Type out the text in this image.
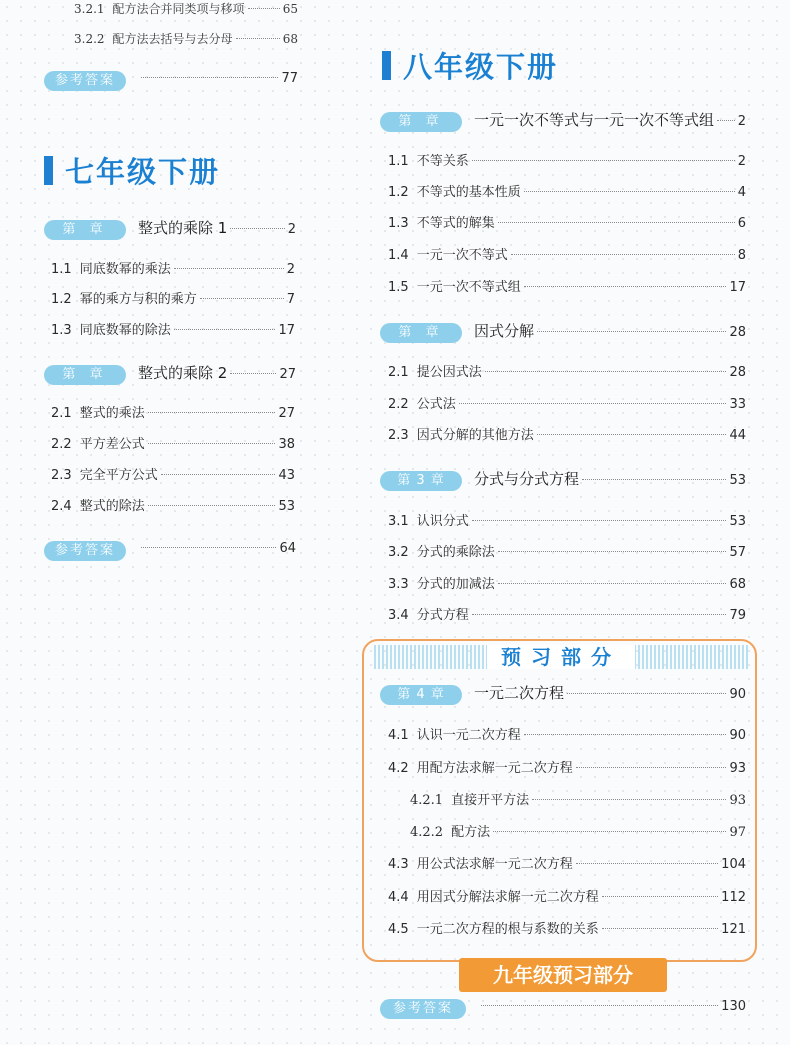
3.2.1 配方法合并同类项与移项	65
3.2.2 配方法去括号与去分母	68
参考答案	77
七年级下册
第 章	整式的乘除 1	2
1.1 同底数幂的乘法	2
1.2 幂的乘方与积的乘方	7
1.3 同底数幂的除法	17
第 章	整式的乘除 2	27
2.1 整式的乘法	27
2.2 平方差公式	38
2.3 完全平方公式	43
2.4 整式的除法	53
参考答案	64
八年级下册
第 章	一元一次不等式与一元一次不等式组 2
1.1 不等关系	2
1.2 不等式的基本性质	4
1.3 不等式的解集	6
1.4 一元一次不等式	8
1.5 一元一次不等式组	17
第 章	因式分解	28
2.1 提公因式法	28
2.2 公式法	33
2.3 因式分解的其他方法	44
第 3 章	分式与分式方程	53
3.1 认识分式	53
3.2 分式的乘除法	57
3.3 分式的加减法	68
3.4 分式方程	79
预习部分
第 4 章	一元二次方程	90
4.1 认识一元二次方程	90
4.2 用配方法求解一元二次方程	93
4.2.1 直接开平方法	93
4.2.2 配方法	97
4.3 用公式法求解一元二次方程	104
4.4 用因式分解法求解一元二次方程	112
4.5 一元二次方程的根与系数的关系	121
九年级预习部分
参考答案	130
